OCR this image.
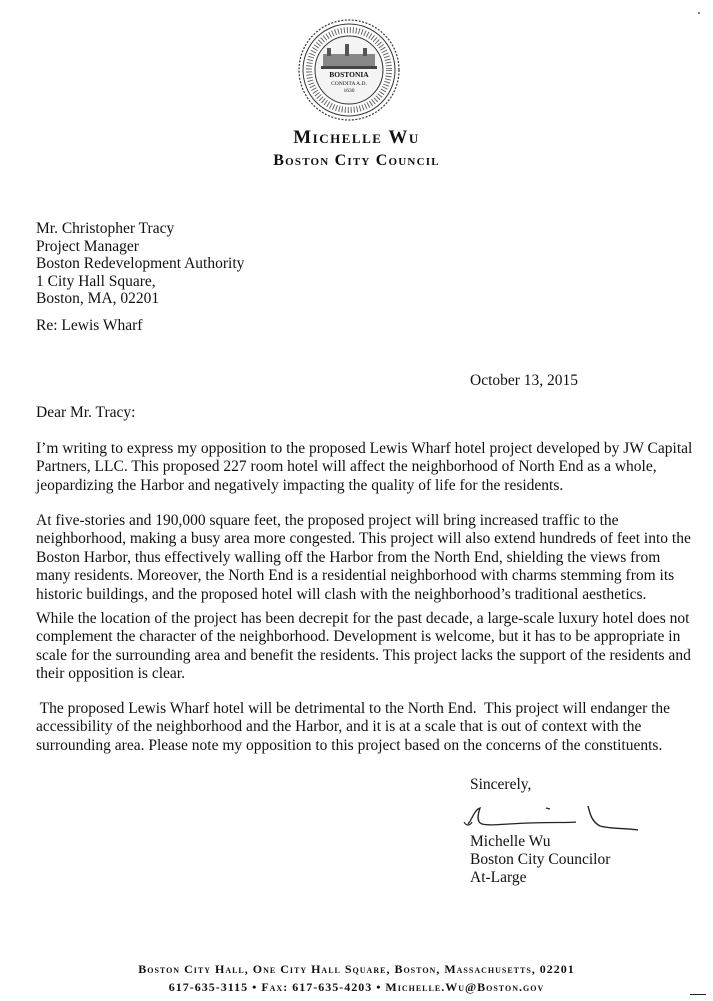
BOSTONIA
CONDITA A.D.
1630
Michelle Wu
Boston City Council
Mr. Christopher Tracy
Project Manager
Boston Redevelopment Authority
1 City Hall Square,
Boston, MA, 02201
Re: Lewis Wharf
October 13, 2015
Dear Mr. Tracy:
I’m writing to express my opposition to the proposed Lewis Wharf hotel project developed by JW Capital
Partners, LLC. This proposed 227 room hotel will affect the neighborhood of North End as a whole,
jeopardizing the Harbor and negatively impacting the quality of life for the residents.
At five-stories and 190,000 square feet, the proposed project will bring increased traffic to the
neighborhood, making a busy area more congested. This project will also extend hundreds of feet into the
Boston Harbor, thus effectively walling off the Harbor from the North End, shielding the views from
many residents. Moreover, the North End is a residential neighborhood with charms stemming from its
historic buildings, and the proposed hotel will clash with the neighborhood’s traditional aesthetics.
While the location of the project has been decrepit for the past decade, a large-scale luxury hotel does not
complement the character of the neighborhood. Development is welcome, but it has to be appropriate in
scale for the surrounding area and benefit the residents. This project lacks the support of the residents and
their opposition is clear.
The proposed Lewis Wharf hotel will be detrimental to the North End.  This project will endanger the
accessibility of the neighborhood and the Harbor, and it is at a scale that is out of context with the
surrounding area. Please note my opposition to this project based on the concerns of the constituents.
Sincerely,
Michelle Wu
Boston City Councilor
At-Large
Boston City Hall, One City Hall Square, Boston, Massachusetts, 02201
617-635-3115 • Fax: 617-635-4203 • Michelle.Wu@Boston.gov
